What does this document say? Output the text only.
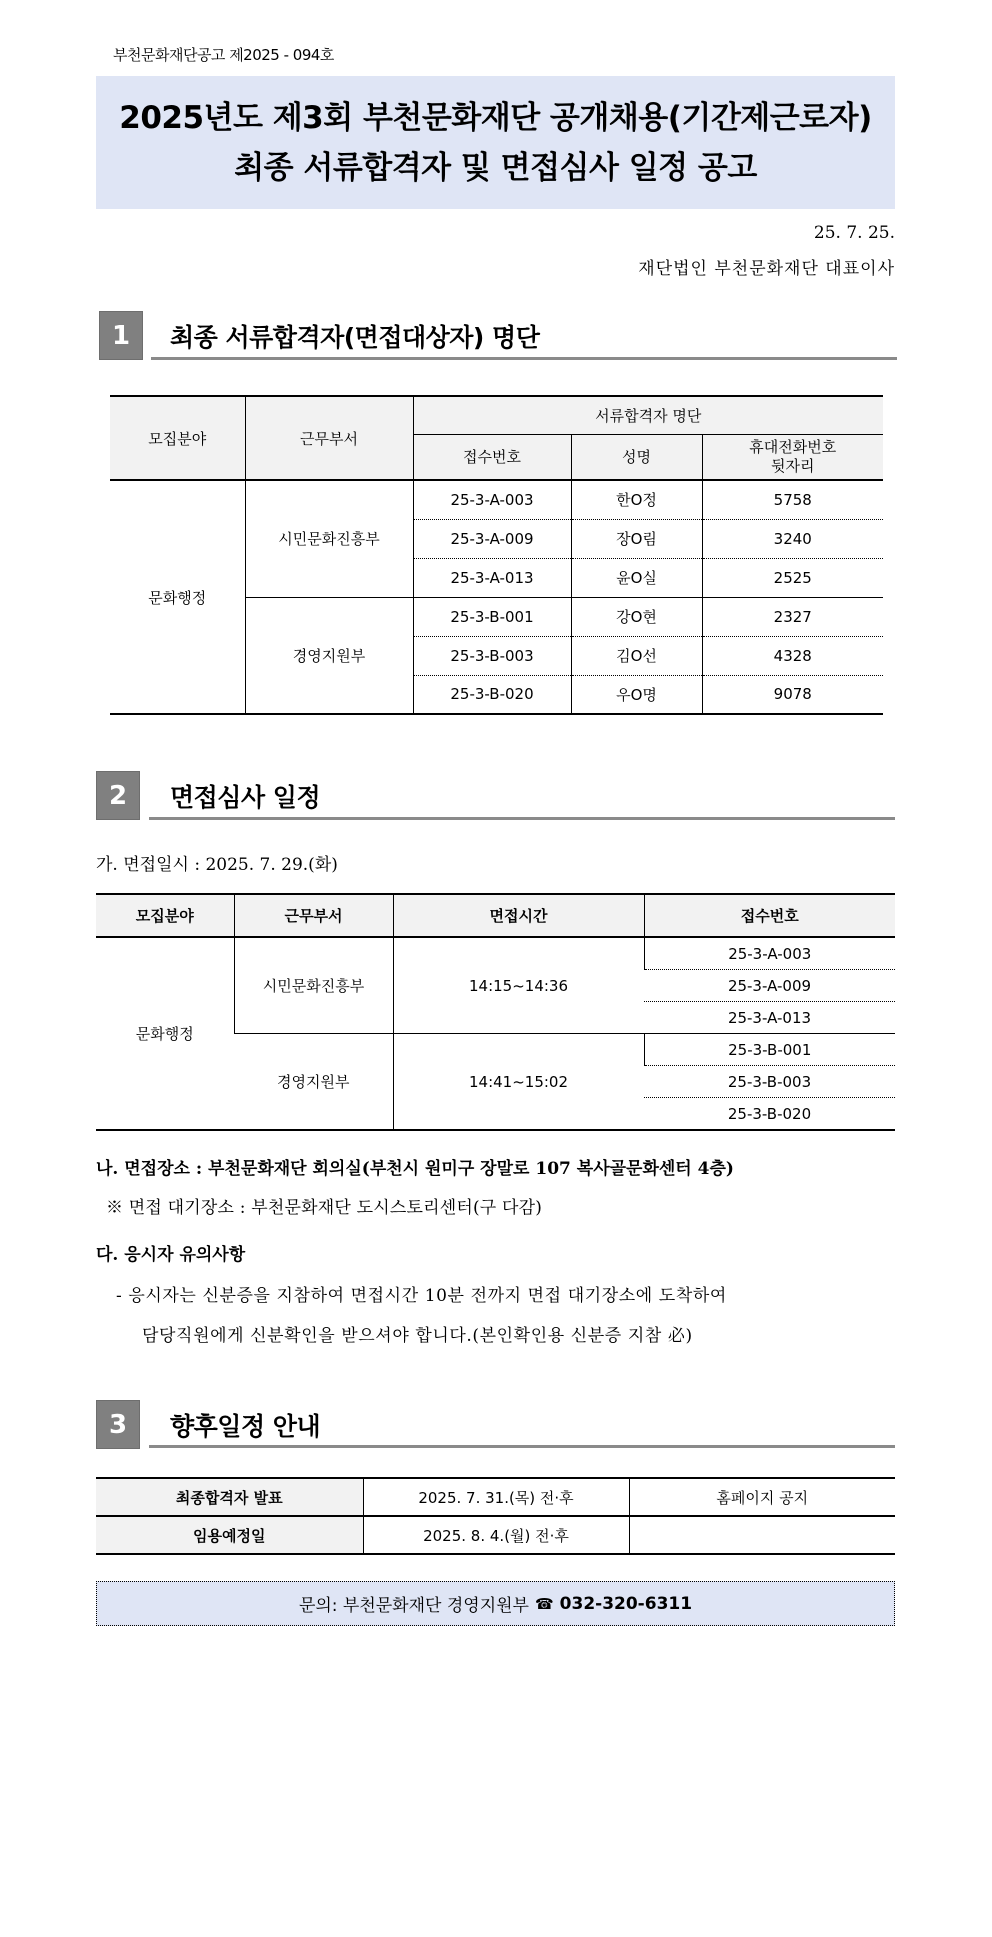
부천문화재단공고 제2025 - 094호
2025년도 제3회 부천문화재단 공개채용(기간제근로자)
최종 서류합격자 및 면접심사 일정 공고
25. 7. 25.
재단법인 부천문화재단 대표이사
1	최종 서류합격자(면접대상자) 명단
모집분야	근무부서	서류합격자 명단		
		접수번호	성명	휴대전화번호
뒷자리
문화행정	시민문화진흥부	25-3-A-003	한O정	5758
		25-3-A-009	장O림	3240
		25-3-A-013	윤O실	2525
	경영지원부	25-3-B-001	강O현	2327
		25-3-B-003	김O선	4328
		25-3-B-020	우O명	9078
2	면접심사 일정
가. 면접일시 : 2025. 7. 29.(화)
모집분야	근무부서	면접시간	접수번호
문화행정	시민문화진흥부	14:15~14:36	25-3-A-003
			25-3-A-009
			25-3-A-013
	경영지원부	14:41~15:02	25-3-B-001
			25-3-B-003
			25-3-B-020
나. 면접장소 : 부천문화재단 회의실(부천시 원미구 장말로 107 복사골문화센터 4층)
※ 면접 대기장소 : 부천문화재단 도시스토리센터(구 다감)
다. 응시자 유의사항
- 응시자는 신분증을 지참하여 면접시간 10분 전까지 면접 대기장소에 도착하여
담당직원에게 신분확인을 받으셔야 합니다.(본인확인용 신분증 지참 必)
3	향후일정 안내
최종합격자 발표	2025. 7. 31.(목) 전·후	홈페이지 공지
임용예정일	2025. 8. 4.(월) 전·후	
문의: 부천문화재단 경영지원부 ☎ 032-320-6311
